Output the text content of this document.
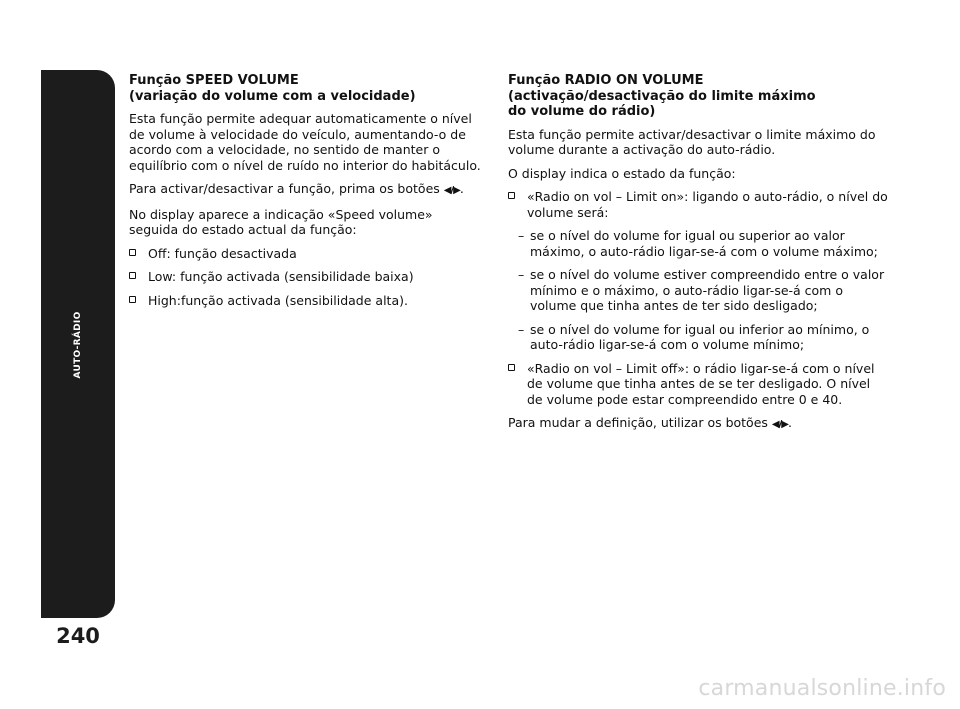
AUTO-RÁDIO
240
Função SPEED VOLUME
(variação do volume com a velocidade)

Esta função permite adequar automaticamente o nível de volume à velocidade do veículo, aumentando-o de acordo com a velocidade, no sentido de manter o equilíbrio com o nível de ruído no interior do habitáculo.

Para activar/desactivar a função, prima os botões ◀/▶.

No display aparece a indicação «Speed volume» seguida do estado actual da função:

Off: função desactivada
Low: função activada (sensibilidade baixa)
High:função activada (sensibilidade alta).
Função RADIO ON VOLUME
(activação/desactivação do limite máximo
do volume do rádio)

Esta função permite activar/desactivar o limite máximo do volume durante a activação do auto-rádio.

O display indica o estado da função:

«Radio on vol – Limit on»: ligando o auto-rádio, o nível do volume será:
– se o nível do volume for igual ou superior ao valor máximo, o auto-rádio ligar-se-á com o volume máximo;
– se o nível do volume estiver compreendido entre o valor mínimo e o máximo, o auto-rádio ligar-se-á com o volume que tinha antes de ter sido desligado;
– se o nível do volume for igual ou inferior ao mínimo, o auto-rádio ligar-se-á com o volume mínimo;
«Radio on vol – Limit off»: o rádio ligar-se-á com o nível de volume que tinha antes de se ter desligado. O nível de volume pode estar compreendido entre 0 e 40.

Para mudar a definição, utilizar os botões ◀/▶.

carmanualsonline.info
